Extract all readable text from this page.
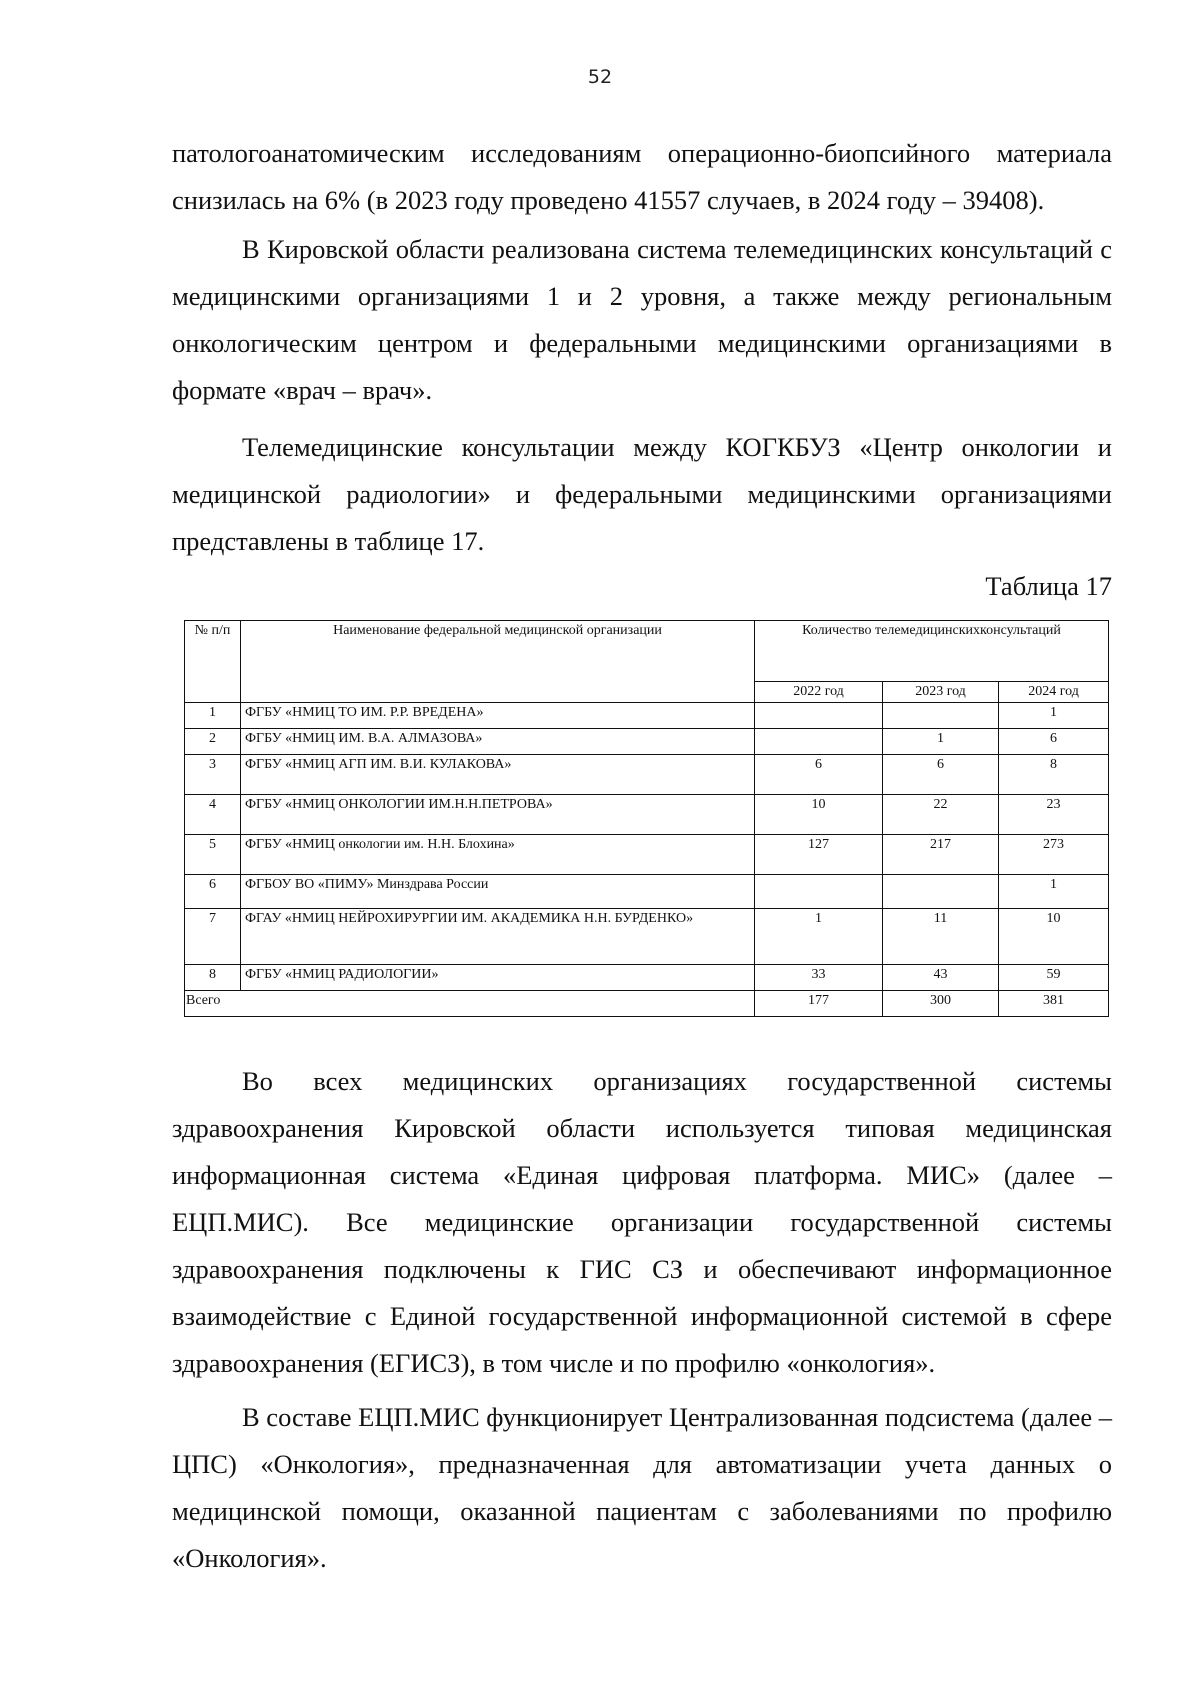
52

патологоанатомическим исследованиям операционно-биопсийного материала снизилась на 6% (в 2023 году проведено 41557 случаев, в 2024 году – 39408).

В Кировской области реализована система телемедицинских консультаций с медицинскими организациями 1 и 2 уровня, а также между региональным онкологическим центром и федеральными медицинскими организациями в формате «врач – врач».

Телемедицинские консультации между КОГКБУЗ «Центр онкологии и медицинской радиологии» и федеральными медицинскими организациями представлены в таблице 17.

Таблица 17
№ п/п	Наименование федеральной медицинской организации	Количество телемедицинскихконсультаций		
		2022 год	2023 год	2024 год
1	ФГБУ «НМИЦ ТО ИМ. Р.Р. ВРЕДЕНА»			1
2	ФГБУ «НМИЦ ИМ. В.А. АЛМАЗОВА»		1	6
3	ФГБУ «НМИЦ АГП ИМ. В.И. КУЛАКОВА»	6	6	8
4	ФГБУ «НМИЦ ОНКОЛОГИИ ИМ.Н.Н.ПЕТРОВА»	10	22	23
5	ФГБУ «НМИЦ онкологии им. Н.Н. Блохина»	127	217	273
6	ФГБОУ ВО «ПИМУ» Минздрава России			1
7	ФГАУ «НМИЦ НЕЙРОХИРУРГИИ ИМ. АКАДЕМИКА Н.Н. БУРДЕНКО»	1	11	10
8	ФГБУ «НМИЦ РАДИОЛОГИИ»	33	43	59
Всего		177	300	381

Во всех медицинских организациях государственной системы здравоохранения Кировской области используется типовая медицинская информационная система «Единая цифровая платформа. МИС» (далее – ЕЦП.МИС). Все медицинские организации государственной системы здравоохранения подключены к ГИС СЗ и обеспечивают информационное взаимодействие с Единой государственной информационной системой в сфере здравоохранения (ЕГИСЗ), в том числе и по профилю «онкология».

В составе ЕЦП.МИС функционирует Централизованная подсистема (далее – ЦПС) «Онкология», предназначенная для автоматизации учета данных о медицинской помощи, оказанной пациентам с заболеваниями по профилю «Онкология».
